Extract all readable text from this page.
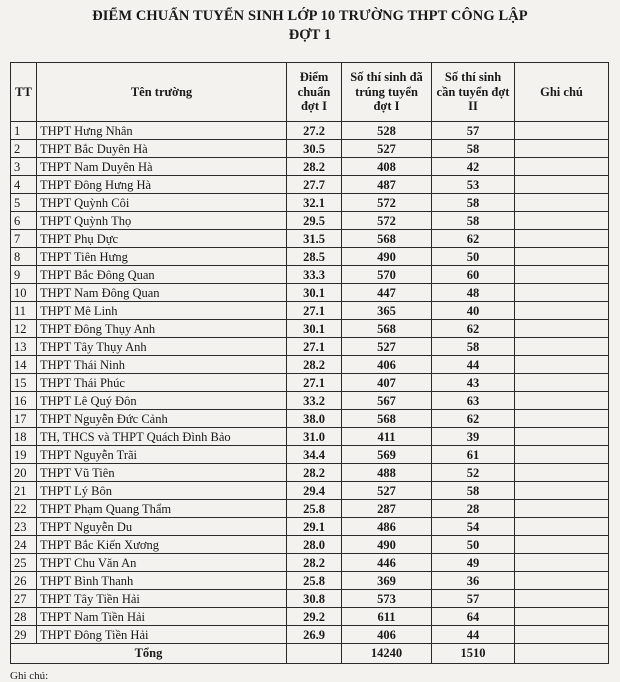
ĐIỂM CHUẨN TUYỂN SINH LỚP 10 TRƯỜNG THPT CÔNG LẬP
ĐỢT 1
TT	Tên trường	Điểm chuẩn đợt I	Số thí sinh đã trúng tuyển đợt I	Số thí sinh cần tuyển đợt II	Ghi chú
1	THPT Hưng Nhân	27.2	528	57	
2	THPT Bắc Duyên Hà	30.5	527	58	
3	THPT Nam Duyên Hà	28.2	408	42	
4	THPT Đông Hưng Hà	27.7	487	53	
5	THPT Quỳnh Côi	32.1	572	58	
6	THPT Quỳnh Thọ	29.5	572	58	
7	THPT Phụ Dực	31.5	568	62	
8	THPT Tiên Hưng	28.5	490	50	
9	THPT Bắc Đông Quan	33.3	570	60	
10	THPT Nam Đông Quan	30.1	447	48	
11	THPT Mê Linh	27.1	365	40	
12	THPT Đông Thụy Anh	30.1	568	62	
13	THPT Tây Thụy Anh	27.1	527	58	
14	THPT Thái Ninh	28.2	406	44	
15	THPT Thái Phúc	27.1	407	43	
16	THPT Lê Quý Đôn	33.2	567	63	
17	THPT Nguyễn Đức Cảnh	38.0	568	62	
18	TH, THCS và THPT Quách Đình Bảo	31.0	411	39	
19	THPT Nguyễn Trãi	34.4	569	61	
20	THPT Vũ Tiên	28.2	488	52	
21	THPT Lý Bôn	29.4	527	58	
22	THPT Phạm Quang Thẩm	25.8	287	28	
23	THPT Nguyễn Du	29.1	486	54	
24	THPT Bắc Kiến Xương	28.0	490	50	
25	THPT Chu Văn An	28.2	446	49	
26	THPT Bình Thanh	25.8	369	36	
27	THPT Tây Tiền Hải	30.8	573	57	
28	THPT Nam Tiền Hải	29.2	611	64	
29	THPT Đông Tiền Hải	26.9	406	44	
Tổng			14240	1510	
Ghi chú:
